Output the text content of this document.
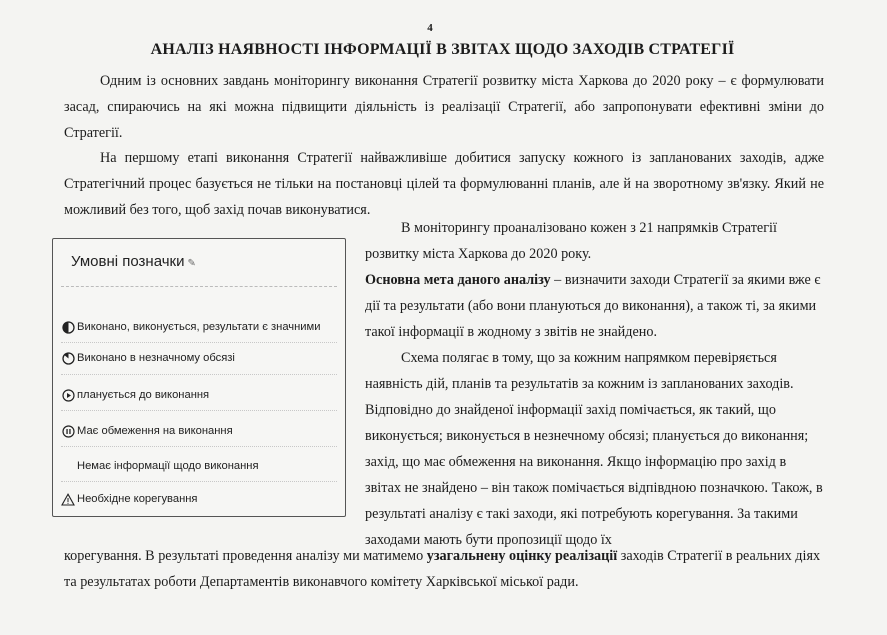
4
АНАЛІЗ НАЯВНОСТІ ІНФОРМАЦІЇ В ЗВІТАХ ЩОДО ЗАХОДІВ СТРАТЕГІЇ

Одним із основних завдань моніторингу виконання Стратегії розвитку міста Харкова до 2020 року – є формулювати засад, спираючись на які можна підвищити діяльність із реалізації Стратегії, або запропонувати ефективні зміни до Стратегії.

На першому етапі виконання Стратегії найважливіше добитися запуску кожного із запланованих заходів, адже Стратегічний процес базується не тільки на постановці цілей та формулюванні планів, але й на зворотному зв'язку. Який не можливий без того, щоб захід почав виконуватися.

В моніторингу проаналізовано кожен з 21 напрямків Стратегії розвитку міста Харкова до 2020 року.

Основна мета даного аналізу – визначити заходи Стратегії за якими вже є дії та результати (або вони плануються до виконання), а також ті, за якими такої інформації в жодному з звітів не знайдено.

Схема полягає в тому, що за кожним напрямком перевіряється наявність дій, планів та результатів за кожним із запланованих заходів. Відповідно до знайденої інформації захід помічається, як такий, що виконується; виконується в незнечному обсязі; планується до виконання; захід, що має обмеження на виконання. Якщо інформацію про захід в звітах не знайдено – він також помічається відпівдною позначкою. Також, в результаті аналізу є такі заходи, які потребують корегування. За такими заходами мають бути пропозиції щодо їх

корегування. В результаті проведення аналізу ми матимемо узагальнену оцінку реалізації заходів Стратегії в реальних діях та результатах роботи Департаментів виконавчого комітету Харківської міської ради.

Умовні позначки ✎
Виконано, виконується, результати є значними
Виконано в незначному обсязі
планується до виконання
Має обмеження на виконання
Немає інформації щодо виконання
Необхідне корегування
